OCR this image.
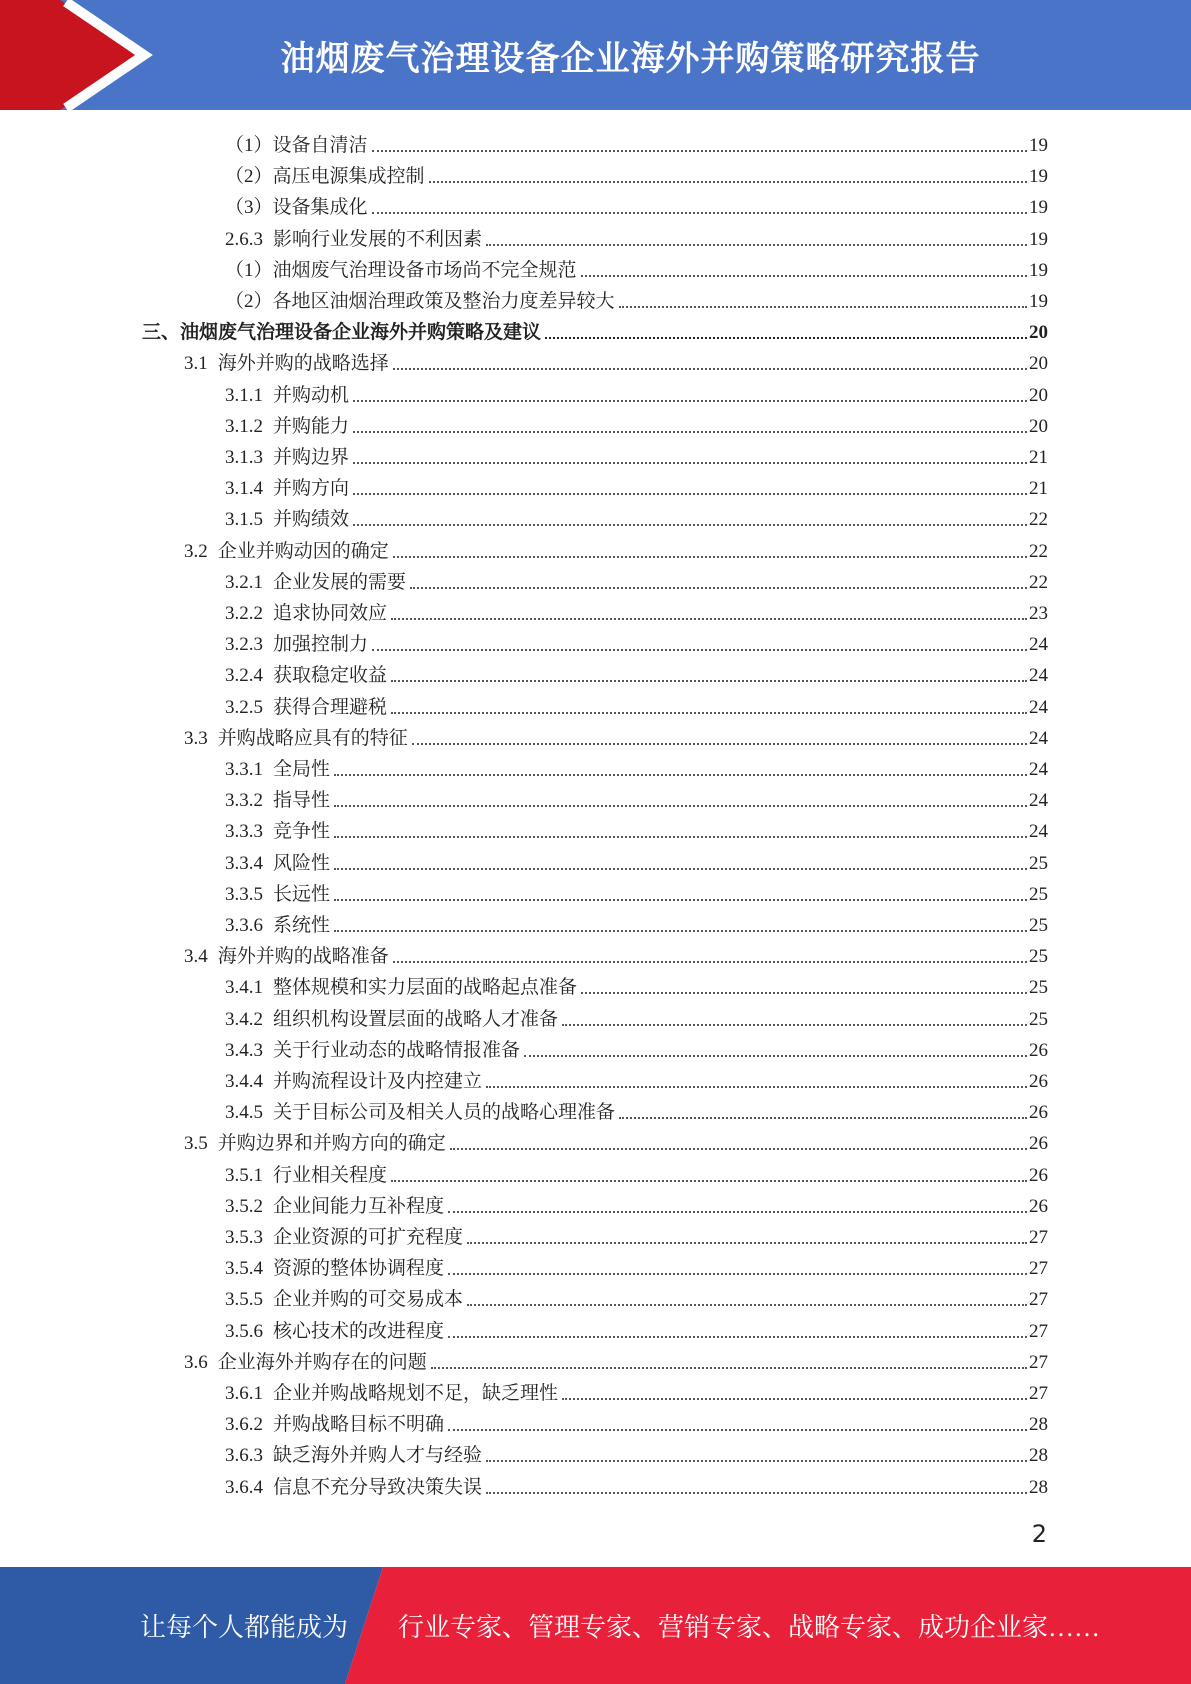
油烟废气治理设备企业海外并购策略研究报告
（1）设备自清洁	19
（2）高压电源集成控制	19
（3）设备集成化	19
2.6.3 影响行业发展的不利因素	19
（1）油烟废气治理设备市场尚不完全规范	19
（2）各地区油烟治理政策及整治力度差异较大	19
三、油烟废气治理设备企业海外并购策略及建议	20
3.1 海外并购的战略选择	20
3.1.1 并购动机	20
3.1.2 并购能力	20
3.1.3 并购边界	21
3.1.4 并购方向	21
3.1.5 并购绩效	22
3.2 企业并购动因的确定	22
3.2.1 企业发展的需要	22
3.2.2 追求协同效应	23
3.2.3 加强控制力	24
3.2.4 获取稳定收益	24
3.2.5 获得合理避税	24
3.3 并购战略应具有的特征	24
3.3.1 全局性	24
3.3.2 指导性	24
3.3.3 竞争性	24
3.3.4 风险性	25
3.3.5 长远性	25
3.3.6 系统性	25
3.4 海外并购的战略准备	25
3.4.1 整体规模和实力层面的战略起点准备	25
3.4.2 组织机构设置层面的战略人才准备	25
3.4.3 关于行业动态的战略情报准备	26
3.4.4 并购流程设计及内控建立	26
3.4.5 关于目标公司及相关人员的战略心理准备	26
3.5 并购边界和并购方向的确定	26
3.5.1 行业相关程度	26
3.5.2 企业间能力互补程度	26
3.5.3 企业资源的可扩充程度	27
3.5.4 资源的整体协调程度	27
3.5.5 企业并购的可交易成本	27
3.5.6 核心技术的改进程度	27
3.6 企业海外并购存在的问题	27
3.6.1 企业并购战略规划不足，缺乏理性	27
3.6.2 并购战略目标不明确	28
3.6.3 缺乏海外并购人才与经验	28
3.6.4 信息不充分导致决策失误	28
2
让每个人都能成为 行业专家、管理专家、营销专家、战略专家、成功企业家……
